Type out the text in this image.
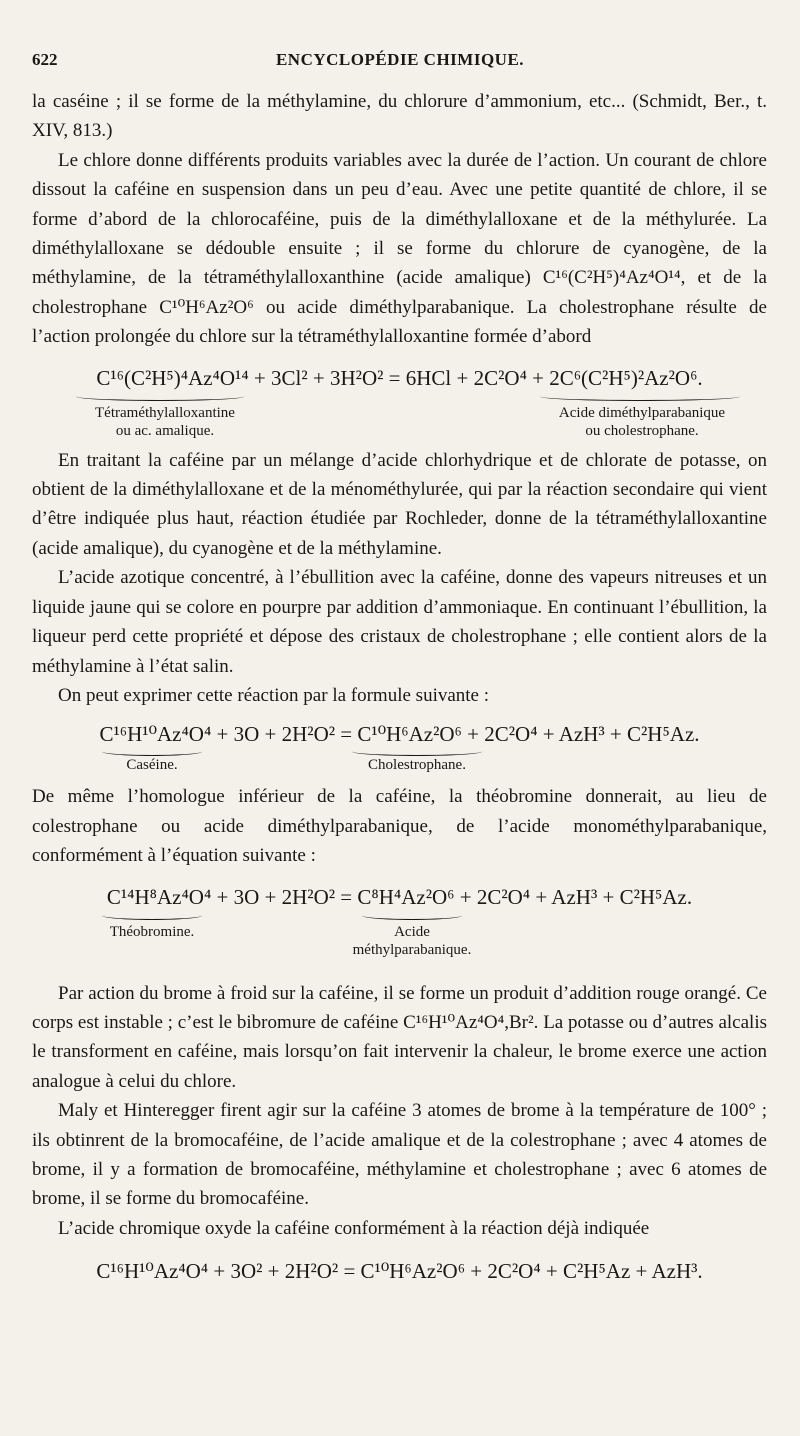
622	ENCYCLOPÉDIE CHIMIQUE.

la caséine ; il se forme de la méthylamine, du chlorure d’ammonium, etc... (Schmidt, Ber., t. XIV, 813.)

Le chlore donne différents produits variables avec la durée de l’action. Un courant de chlore dissout la caféine en suspension dans un peu d’eau. Avec une petite quantité de chlore, il se forme d’abord de la chlorocaféine, puis de la diméthylalloxane et de la méthylurée. La diméthylalloxane se dédouble ensuite ; il se forme du chlorure de cyanogène, de la méthylamine, de la tétraméthylalloxanthine (acide amalique) C¹⁶(C²H⁵)⁴Az⁴O¹⁴, et de la cholestrophane C¹⁰H⁶Az²O⁶ ou acide diméthylparabanique. La cholestrophane résulte de l’action prolongée du chlore sur la tétraméthylalloxantine formée d’abord

C¹⁶(C²H⁵)⁴Az⁴O¹⁴ + 3Cl² + 3H²O² = 6HCl + 2C²O⁴ + 2C⁶(C²H⁵)²Az²O⁶.
Tétraméthylalloxantine
ou ac. amalique.
Acide diméthylparabanique
ou cholestrophane.

En traitant la caféine par un mélange d’acide chlorhydrique et de chlorate de potasse, on obtient de la diméthylalloxane et de la ménométhylurée, qui par la réaction secondaire qui vient d’être indiquée plus haut, réaction étudiée par Rochleder, donne de la tétraméthylalloxantine (acide amalique), du cyanogène et de la méthylamine.

L’acide azotique concentré, à l’ébullition avec la caféine, donne des vapeurs nitreuses et un liquide jaune qui se colore en pourpre par addition d’ammoniaque. En continuant l’ébullition, la liqueur perd cette propriété et dépose des cristaux de cholestrophane ; elle contient alors de la méthylamine à l’état salin.

On peut exprimer cette réaction par la formule suivante :

C¹⁶H¹⁰Az⁴O⁴ + 3O + 2H²O² = C¹⁰H⁶Az²O⁶ + 2C²O⁴ + AzH³ + C²H⁵Az.
Caséine.	Cholestrophane.

De même l’homologue inférieur de la caféine, la théobromine donnerait, au lieu de colestrophane ou acide diméthylparabanique, de l’acide monométhylparabanique, conformément à l’équation suivante :

C¹⁴H⁸Az⁴O⁴ + 3O + 2H²O² = C⁸H⁴Az²O⁶ + 2C²O⁴ + AzH³ + C²H⁵Az.
Théobromine.	Acide
méthylparabanique.

Par action du brome à froid sur la caféine, il se forme un produit d’addition rouge orangé. Ce corps est instable ; c’est le bibromure de caféine C¹⁶H¹⁰Az⁴O⁴,Br². La potasse ou d’autres alcalis le transforment en caféine, mais lorsqu’on fait intervenir la chaleur, le brome exerce une action analogue à celui du chlore.

Maly et Hinteregger firent agir sur la caféine 3 atomes de brome à la température de 100° ; ils obtinrent de la bromocaféine, de l’acide amalique et de la colestrophane ; avec 4 atomes de brome, il y a formation de bromocaféine, méthylamine et cholestrophane ; avec 6 atomes de brome, il se forme du bromocaféine.

L’acide chromique oxyde la caféine conformément à la réaction déjà indiquée

C¹⁶H¹⁰Az⁴O⁴ + 3O² + 2H²O² = C¹⁰H⁶Az²O⁶ + 2C²O⁴ + C²H⁵Az + AzH³.
